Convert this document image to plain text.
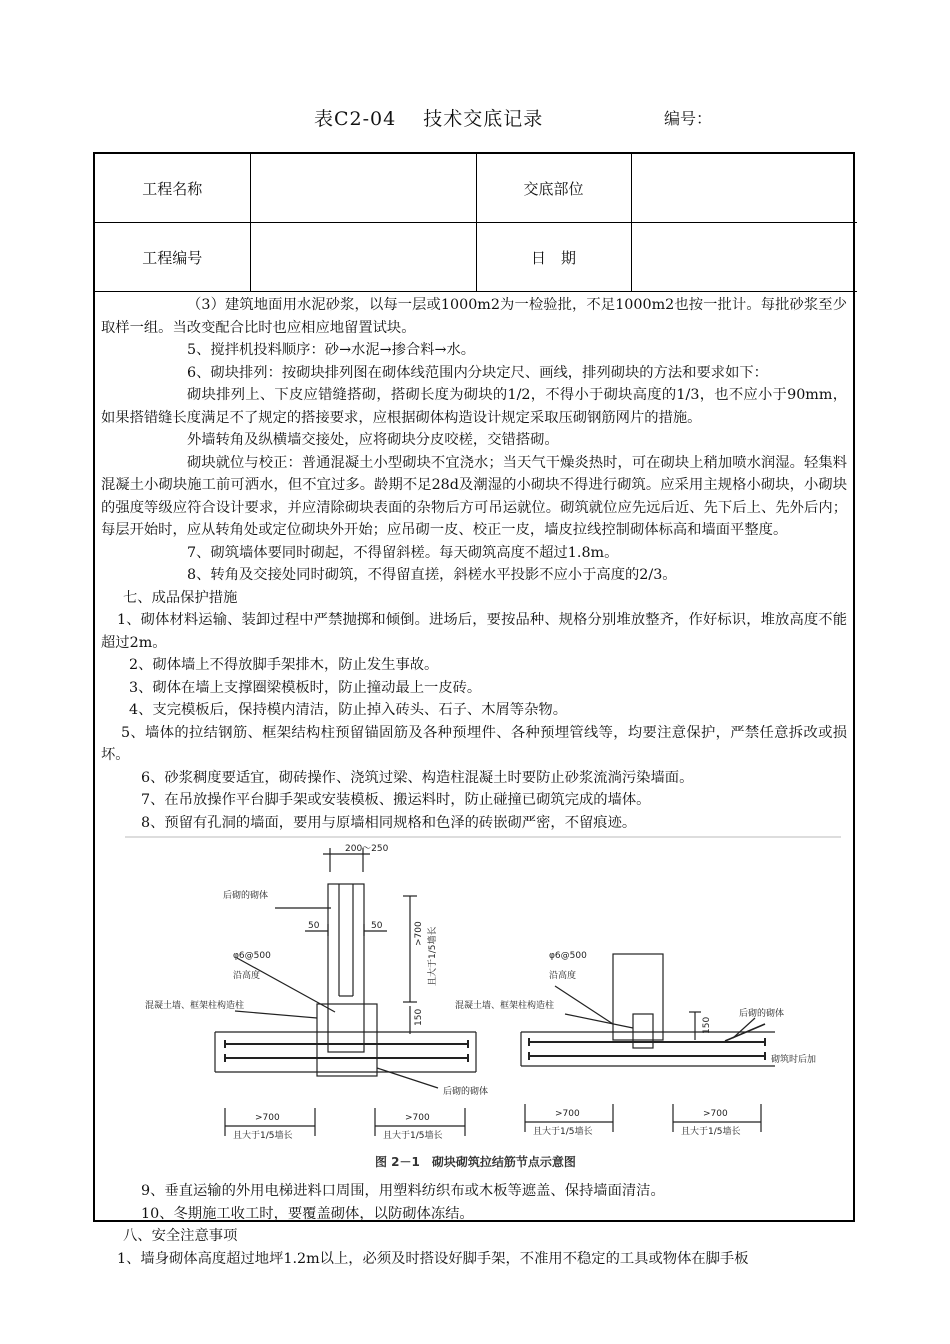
表C2-04　 技术交底记录	编号：
工程名称		交底部位	
工程编号		日　期	

（3）建筑地面用水泥砂浆，以每一层或1000m2为一检验批，不足1000m2也按一批计。每批砂浆至少取样一组。当改变配合比时也应相应地留置试块。

5、搅拌机投料顺序：砂→水泥→掺合料→水。

6、砌块排列：按砌块排列图在砌体线范围内分块定尺、画线，排列砌块的方法和要求如下：

砌块排列上、下皮应错缝搭砌，搭砌长度为砌块的1/2，不得小于砌块高度的1/3，也不应小于90mm，如果搭错缝长度满足不了规定的搭接要求，应根据砌体构造设计规定采取压砌钢筋网片的措施。

外墙转角及纵横墙交接处，应将砌块分皮咬槎，交错搭砌。

砌块就位与校正：普通混凝土小型砌块不宜浇水；当天气干燥炎热时，可在砌块上稍加喷水润湿。轻集料混凝土小砌块施工前可洒水，但不宜过多。龄期不足28d及潮湿的小砌块不得进行砌筑。应采用主规格小砌块，小砌块的强度等级应符合设计要求，并应清除砌块表面的杂物后方可吊运就位。砌筑就位应先远后近、先下后上、先外后内；每层开始时，应从转角处或定位砌块外开始；应吊砌一皮、校正一皮，墙皮拉线控制砌体标高和墙面平整度。

7、砌筑墙体要同时砌起，不得留斜槎。每天砌筑高度不超过1.8m。

8、转角及交接处同时砌筑，不得留直搓，斜槎水平投影不应小于高度的2/3。

七、成品保护措施

1、砌体材料运输、装卸过程中严禁抛掷和倾倒。进场后，要按品种、规格分别堆放整齐，作好标识，堆放高度不能超过2m。

2、砌体墙上不得放脚手架排木，防止发生事故。

3、砌体在墙上支撑圈梁模板时，防止撞动最上一皮砖。

4、支完模板后，保持模内清洁，防止掉入砖头、石子、木屑等杂物。

5、墙体的拉结钢筋、框架结构柱预留锚固筋及各种预埋件、各种预埋管线等，均要注意保护，严禁任意拆改或损坏。

6、砂浆稠度要适宜，砌砖操作、浇筑过梁、构造柱混凝土时要防止砂浆流淌污染墙面。

7、在吊放操作平台脚手架或安装模板、搬运料时，防止碰撞已砌筑完成的墙体。

8、预留有孔洞的墙面，要用与原墙相同规格和色泽的砖嵌砌严密，不留痕迹。

200～250
后砌的砌体
50	50
φ6@500
沿高度
混凝土墙、框架柱构造柱
>700 且大于1/5墙长
150
后砌的砌体
>700
且大于1/5墙长
>700
且大于1/5墙长
φ6@500
沿高度
混凝土墙、框架柱构造柱
150
后砌的砌体
砌筑时后加
>700
且大于1/5墙长
>700
且大于1/5墙长
图 2－1　砌块砌筑拉结筋节点示意图

9、垂直运输的外用电梯进料口周围，用塑料纺织布或木板等遮盖、保持墙面清洁。

10、冬期施工收工时，要覆盖砌体，以防砌体冻结。

八、安全注意事项

1、墙身砌体高度超过地坪1.2m以上，必须及时搭设好脚手架，不准用不稳定的工具或物体在脚手板
